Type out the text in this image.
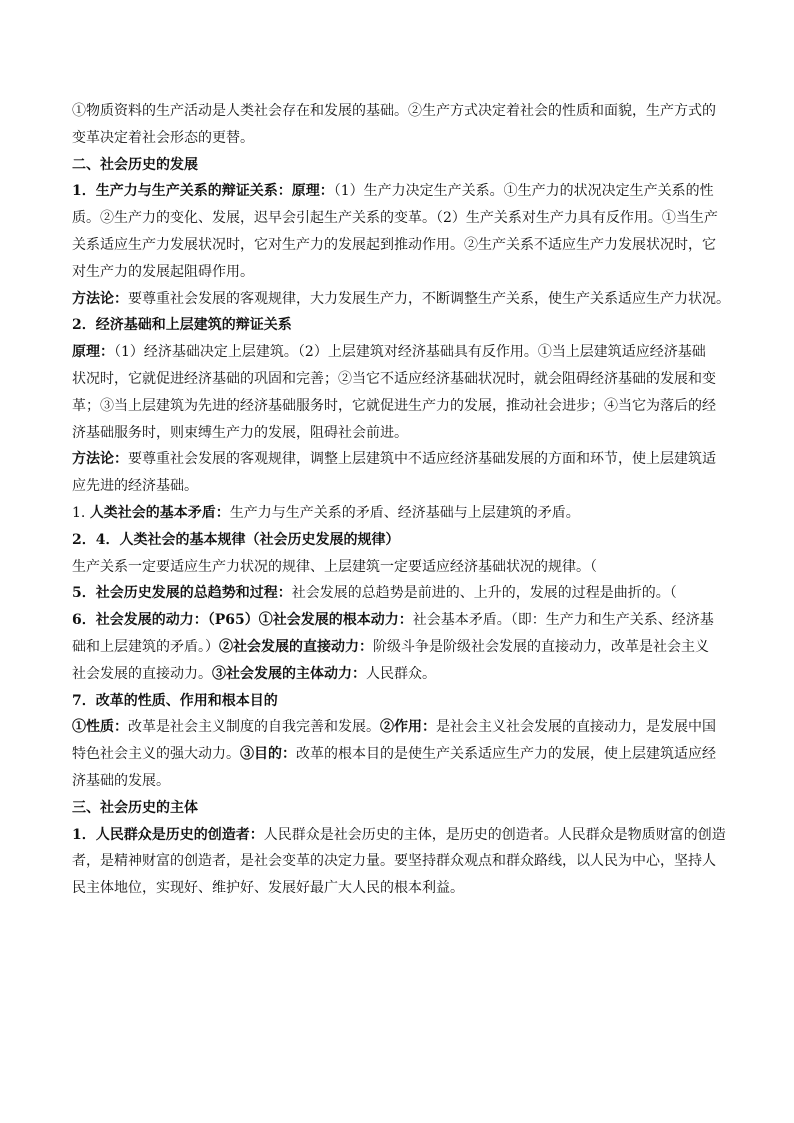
①物质资料的生产活动是人类社会存在和发展的基础。②生产方式决定着社会的性质和面貌，生产方式的
变革决定着社会形态的更替。
二、社会历史的发展
1．生产力与生产关系的辩证关系：原理：（1）生产力决定生产关系。①生产力的状况决定生产关系的性
质。②生产力的变化、发展，迟早会引起生产关系的变革。（2）生产关系对生产力具有反作用。①当生产
关系适应生产力发展状况时，它对生产力的发展起到推动作用。②生产关系不适应生产力发展状况时，它
对生产力的发展起阻碍作用。
方法论：要尊重社会发展的客观规律，大力发展生产力，不断调整生产关系，使生产关系适应生产力状况。
2．经济基础和上层建筑的辩证关系
原理：（1）经济基础决定上层建筑。（2）上层建筑对经济基础具有反作用。①当上层建筑适应经济基础
状况时，它就促进经济基础的巩固和完善；②当它不适应经济基础状况时，就会阻碍经济基础的发展和变
革；③当上层建筑为先进的经济基础服务时，它就促进生产力的发展，推动社会进步；④当它为落后的经
济基础服务时，则束缚生产力的发展，阻碍社会前进。
方法论：要尊重社会发展的客观规律，调整上层建筑中不适应经济基础发展的方面和环节，使上层建筑适
应先进的经济基础。
1. 人类社会的基本矛盾：生产力与生产关系的矛盾、经济基础与上层建筑的矛盾。
2．4．人类社会的基本规律（社会历史发展的规律）
生产关系一定要适应生产力状况的规律、上层建筑一定要适应经济基础状况的规律。（
5．社会历史发展的总趋势和过程：社会发展的总趋势是前进的、上升的，发展的过程是曲折的。（
6．社会发展的动力：（P65）①社会发展的根本动力：社会基本矛盾。（即：生产力和生产关系、经济基
础和上层建筑的矛盾。）②社会发展的直接动力：阶级斗争是阶级社会发展的直接动力，改革是社会主义
社会发展的直接动力。③社会发展的主体动力：人民群众。
7．改革的性质、作用和根本目的
①性质：改革是社会主义制度的自我完善和发展。②作用：是社会主义社会发展的直接动力，是发展中国
特色社会主义的强大动力。③目的：改革的根本目的是使生产关系适应生产力的发展，使上层建筑适应经
济基础的发展。
三、社会历史的主体
1．人民群众是历史的创造者：人民群众是社会历史的主体，是历史的创造者。人民群众是物质财富的创造
者，是精神财富的创造者，是社会变革的决定力量。要坚持群众观点和群众路线，以人民为中心，坚持人
民主体地位，实现好、维护好、发展好最广大人民的根本利益。
